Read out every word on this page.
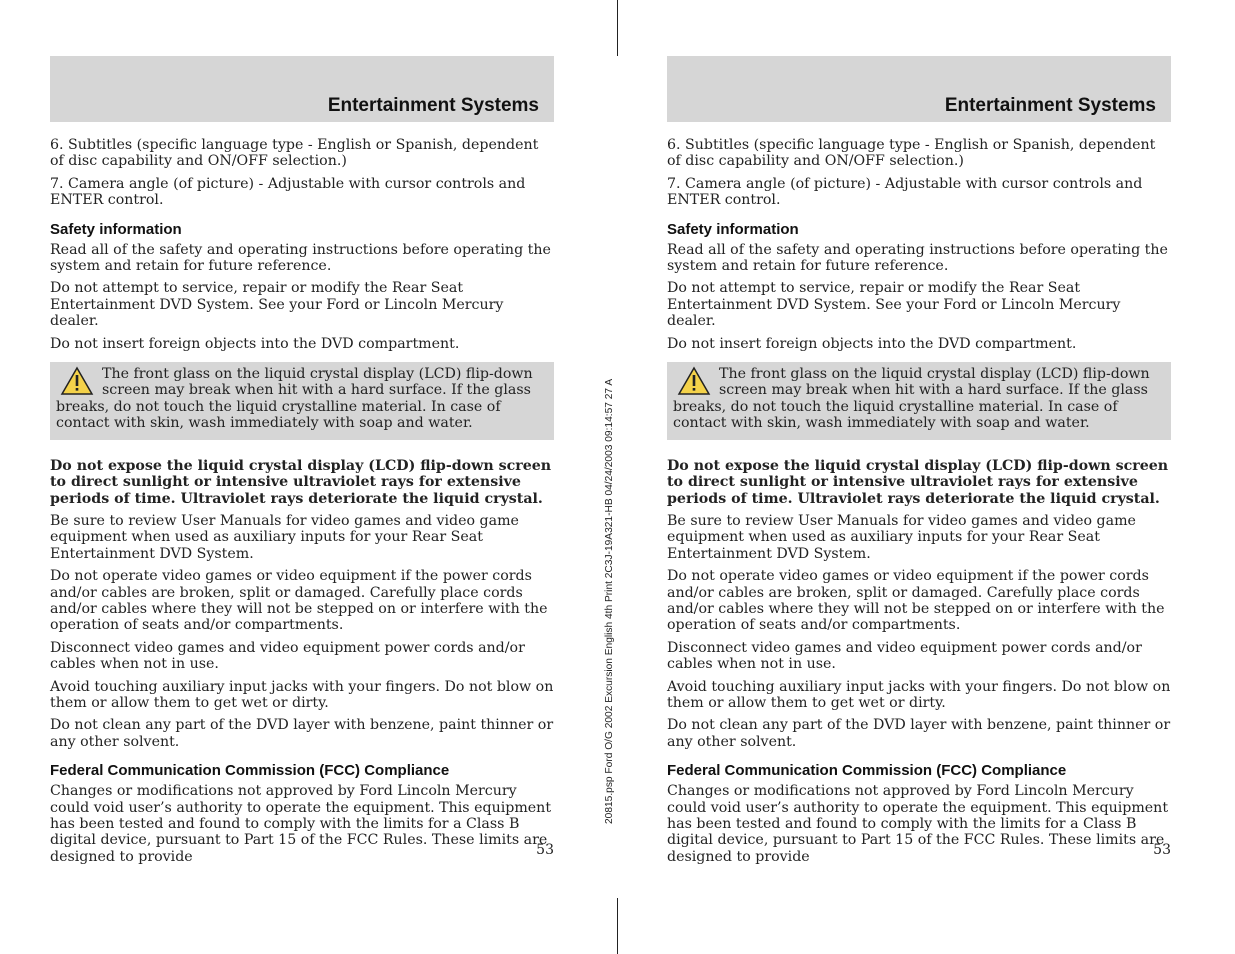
20815.psp Ford O/G 2002 Excursion English 4th Print 2C3J-19A321-HB 04/24/2003 09:14:57 27 A
Entertainment Systems

6. Subtitles (specific language type - English or Spanish, dependent of disc capability and ON/OFF selection.)

7. Camera angle (of picture) - Adjustable with cursor controls and ENTER control.

Safety information

Read all of the safety and operating instructions before operating the system and retain for future reference.

Do not attempt to service, repair or modify the Rear Seat Entertainment DVD System. See your Ford or Lincoln Mercury dealer.

Do not insert foreign objects into the DVD compartment.

The front glass on the liquid crystal display (LCD) flip-down screen may break when hit with a hard surface. If the glass breaks, do not touch the liquid crystalline material. In case of contact with skin, wash immediately with soap and water.

Do not expose the liquid crystal display (LCD) flip-down screen to direct sunlight or intensive ultraviolet rays for extensive periods of time. Ultraviolet rays deteriorate the liquid crystal.

Be sure to review User Manuals for video games and video game equipment when used as auxiliary inputs for your Rear Seat Entertainment DVD System.

Do not operate video games or video equipment if the power cords and/or cables are broken, split or damaged. Carefully place cords and/or cables where they will not be stepped on or interfere with the operation of seats and/or compartments.

Disconnect video games and video equipment power cords and/or cables when not in use.

Avoid touching auxiliary input jacks with your fingers. Do not blow on them or allow them to get wet or dirty.

Do not clean any part of the DVD layer with benzene, paint thinner or any other solvent.

Federal Communication Commission (FCC) Compliance

Changes or modifications not approved by Ford Lincoln Mercury could void user’s authority to operate the equipment. This equipment has been tested and found to comply with the limits for a Class B digital device, pursuant to Part 15 of the FCC Rules. These limits are designed to provide	53
Entertainment Systems

6. Subtitles (specific language type - English or Spanish, dependent of disc capability and ON/OFF selection.)

7. Camera angle (of picture) - Adjustable with cursor controls and ENTER control.

Safety information

Read all of the safety and operating instructions before operating the system and retain for future reference.

Do not attempt to service, repair or modify the Rear Seat Entertainment DVD System. See your Ford or Lincoln Mercury dealer.

Do not insert foreign objects into the DVD compartment.

The front glass on the liquid crystal display (LCD) flip-down screen may break when hit with a hard surface. If the glass breaks, do not touch the liquid crystalline material. In case of contact with skin, wash immediately with soap and water.

Do not expose the liquid crystal display (LCD) flip-down screen to direct sunlight or intensive ultraviolet rays for extensive periods of time. Ultraviolet rays deteriorate the liquid crystal.

Be sure to review User Manuals for video games and video game equipment when used as auxiliary inputs for your Rear Seat Entertainment DVD System.

Do not operate video games or video equipment if the power cords and/or cables are broken, split or damaged. Carefully place cords and/or cables where they will not be stepped on or interfere with the operation of seats and/or compartments.

Disconnect video games and video equipment power cords and/or cables when not in use.

Avoid touching auxiliary input jacks with your fingers. Do not blow on them or allow them to get wet or dirty.

Do not clean any part of the DVD layer with benzene, paint thinner or any other solvent.

Federal Communication Commission (FCC) Compliance

Changes or modifications not approved by Ford Lincoln Mercury could void user’s authority to operate the equipment. This equipment has been tested and found to comply with the limits for a Class B digital device, pursuant to Part 15 of the FCC Rules. These limits are designed to provide	53
